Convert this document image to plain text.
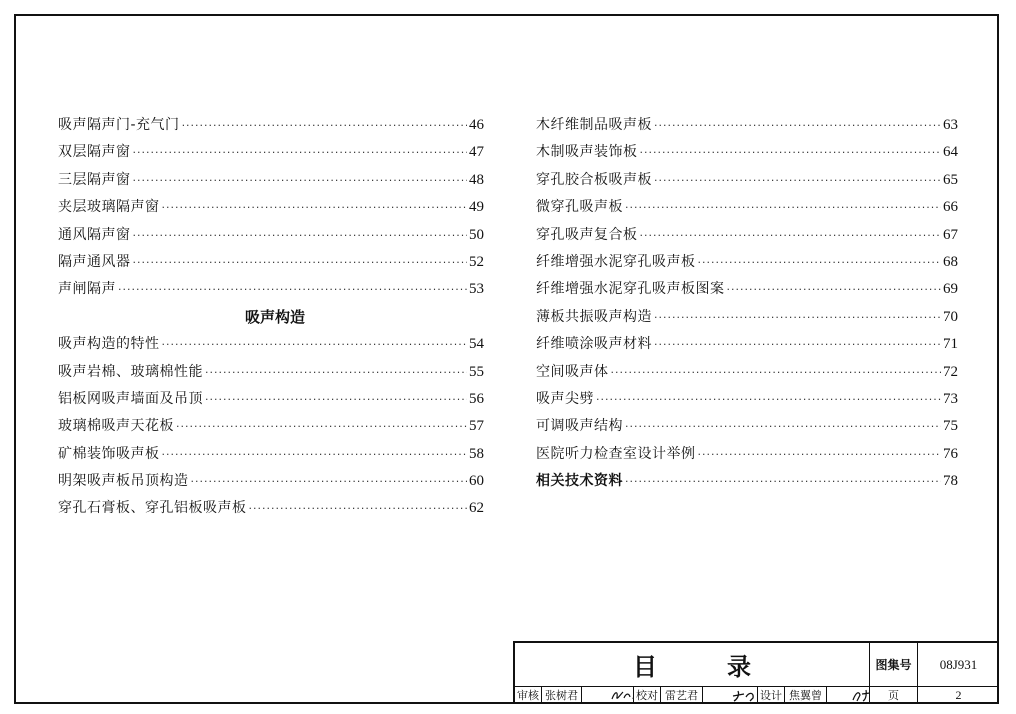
吸声隔声门-充气门 ·····	46
双层隔声窗 ·····	47
三层隔声窗 ·····	48
夹层玻璃隔声窗 ·····	49
通风隔声窗 ·····	50
隔声通风器 ·····	52
声闸隔声 ·····	53
吸声构造
吸声构造的特性 ·····	54
吸声岩棉、玻璃棉性能 ·····	55
铝板网吸声墙面及吊顶 ·····	56
玻璃棉吸声天花板 ·····	57
矿棉装饰吸声板 ·····	58
明架吸声板吊顶构造 ·····	60
穿孔石膏板、穿孔铝板吸声板 ·····	62
木纤维制品吸声板 ·····	63
木制吸声装饰板 ·····	64
穿孔胶合板吸声板 ·····	65
微穿孔吸声板 ·····	66
穿孔吸声复合板 ·····	67
纤维增强水泥穿孔吸声板 ·····	68
纤维增强水泥穿孔吸声板图案 ·····	69
薄板共振吸声构造 ·····	70
纤维喷涂吸声材料 ·····	71
空间吸声体 ·····	72
吸声尖劈 ·····	73
可调吸声结构 ·····	75
医院听力检查室设计举例 ·····	76
相关技术资料 ·····	78
目	录	图集号	08J931
审核 张树君	校对 雷艺君	设计 焦翼曾	页	2
